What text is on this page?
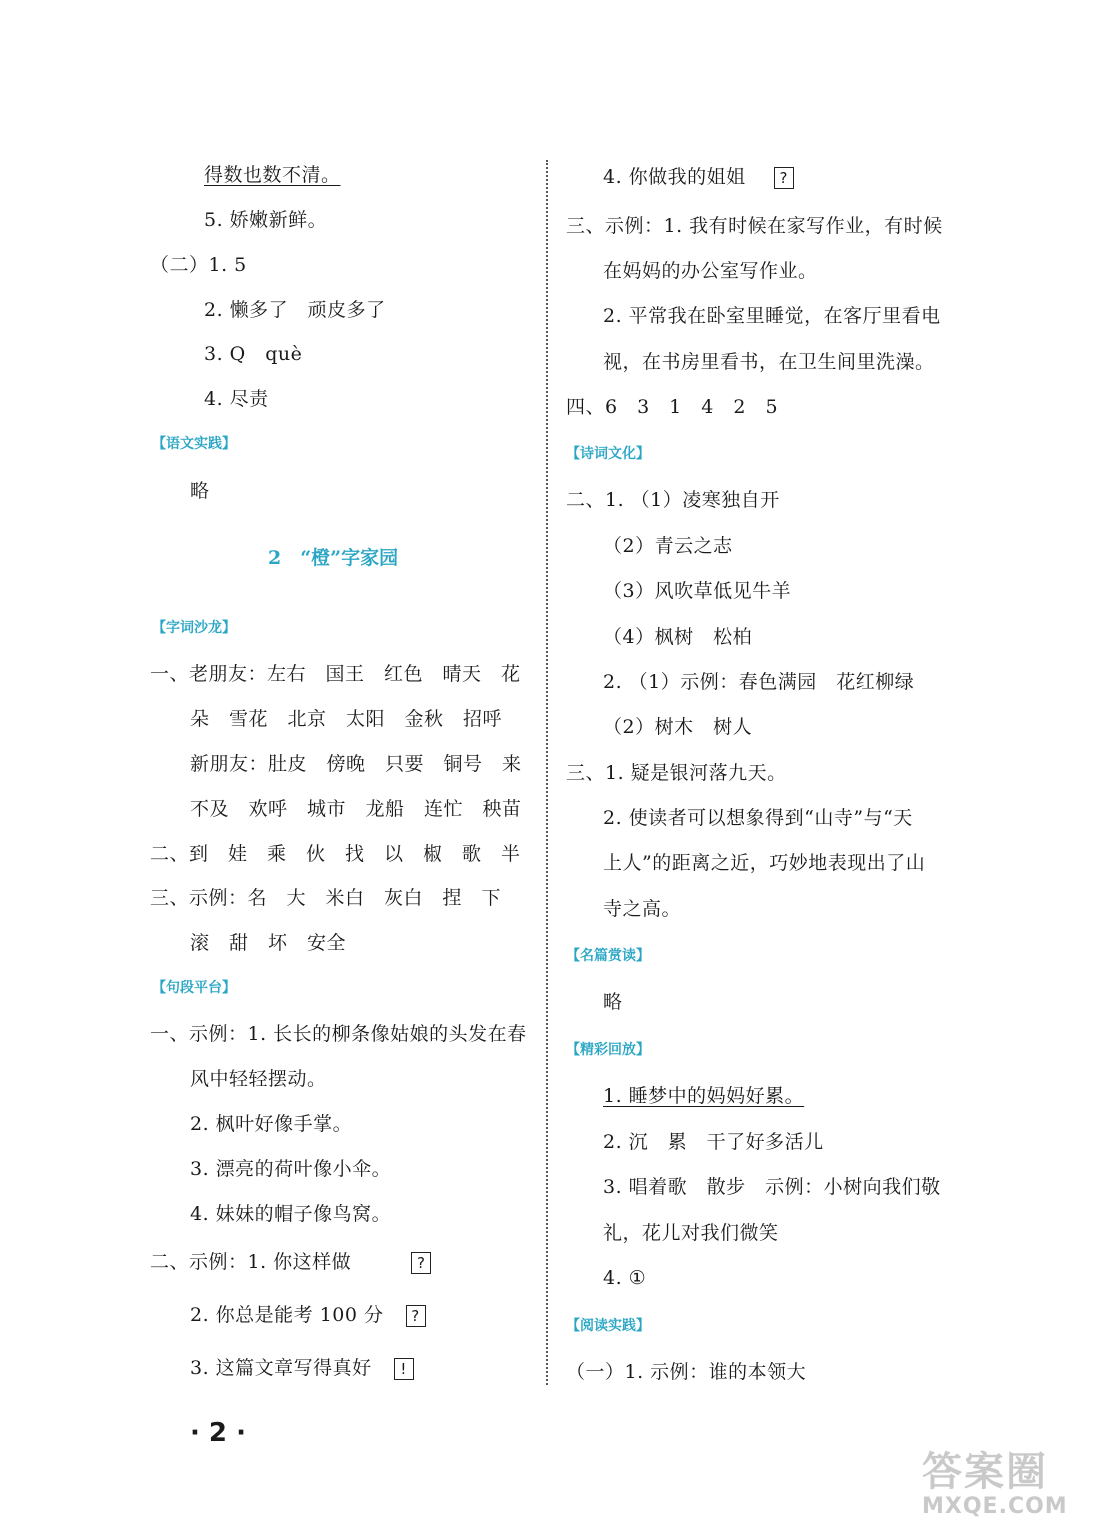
得数也数不清。
5. 娇嫩新鲜。
（二）1. 5
2. 懒多了　顽皮多了
3. Q　què
4. 尽责
【语文实践】
略
2　“橙”字家园
【字词沙龙】
一、老朋友：左右　国王　红色　晴天　花
朵　雪花　北京　太阳　金秋　招呼
新朋友：肚皮　傍晚　只要　铜号　来
不及　欢呼　城市　龙船　连忙　秧苗
二、到　娃　乘　伙　找　以　椒　歌　半
三、示例：名　大　米白　灰白　捏　下
滚　甜　坏　安全
【句段平台】
一、示例：1. 长长的柳条像姑娘的头发在春
风中轻轻摆动。
2. 枫叶好像手掌。
3. 漂亮的荷叶像小伞。
4. 妹妹的帽子像鸟窝。
二、示例：1. 你这样做	?
2. 你总是能考 100 分 ?
3. 这篇文章写得真好 !
4. 你做我的姐姐 ?
三、示例：1. 我有时候在家写作业，有时候
在妈妈的办公室写作业。
2. 平常我在卧室里睡觉，在客厅里看电
视，在书房里看书，在卫生间里洗澡。
四、6　3　1　4　2　5
【诗词文化】
二、1. （1）凌寒独自开
（2）青云之志
（3）风吹草低见牛羊
（4）枫树　松柏
2. （1）示例：春色满园　花红柳绿
（2）树木　树人
三、1. 疑是银河落九天。
2. 使读者可以想象得到“山寺”与“天
上人”的距离之近，巧妙地表现出了山
寺之高。
【名篇赏读】
略
【精彩回放】
1. 睡梦中的妈妈好累。
2. 沉　累　干了好多活儿
3. 唱着歌　散步　示例：小树向我们敬
礼，花儿对我们微笑
4. ①
【阅读实践】
（一）1. 示例：谁的本领大
· 2 ·
答案圈
MXQE.COM
